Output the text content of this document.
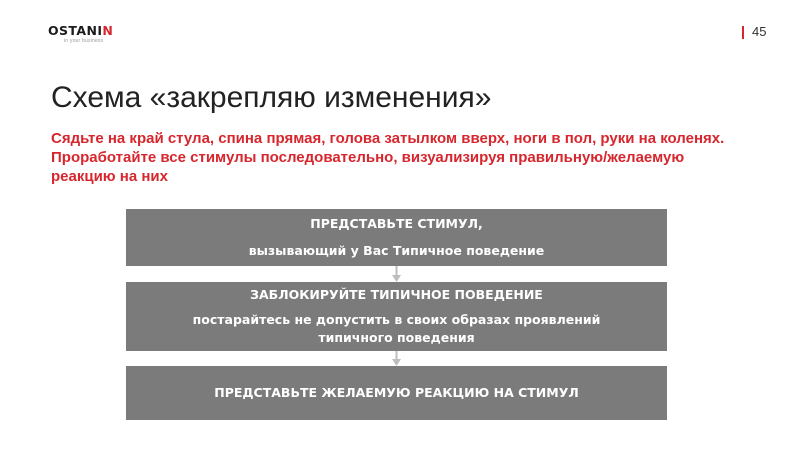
OSTANIN
in your business
45
Схема «закрепляю изменения»
Сядьте на край стула, спина прямая, голова затылком вверх, ноги в пол, руки на коленях. Проработайте все стимулы последовательно, визуализируя правильную/желаемую реакцию на них
ПРЕДСТАВЬТЕ СТИМУЛ,
вызывающий у Вас Типичное поведение
ЗАБЛОКИРУЙТЕ ТИПИЧНОЕ ПОВЕДЕНИЕ
постарайтесь не допустить в своих образах проявлений типичного поведения
ПРЕДСТАВЬТЕ ЖЕЛАЕМУЮ РЕАКЦИЮ НА СТИМУЛ
